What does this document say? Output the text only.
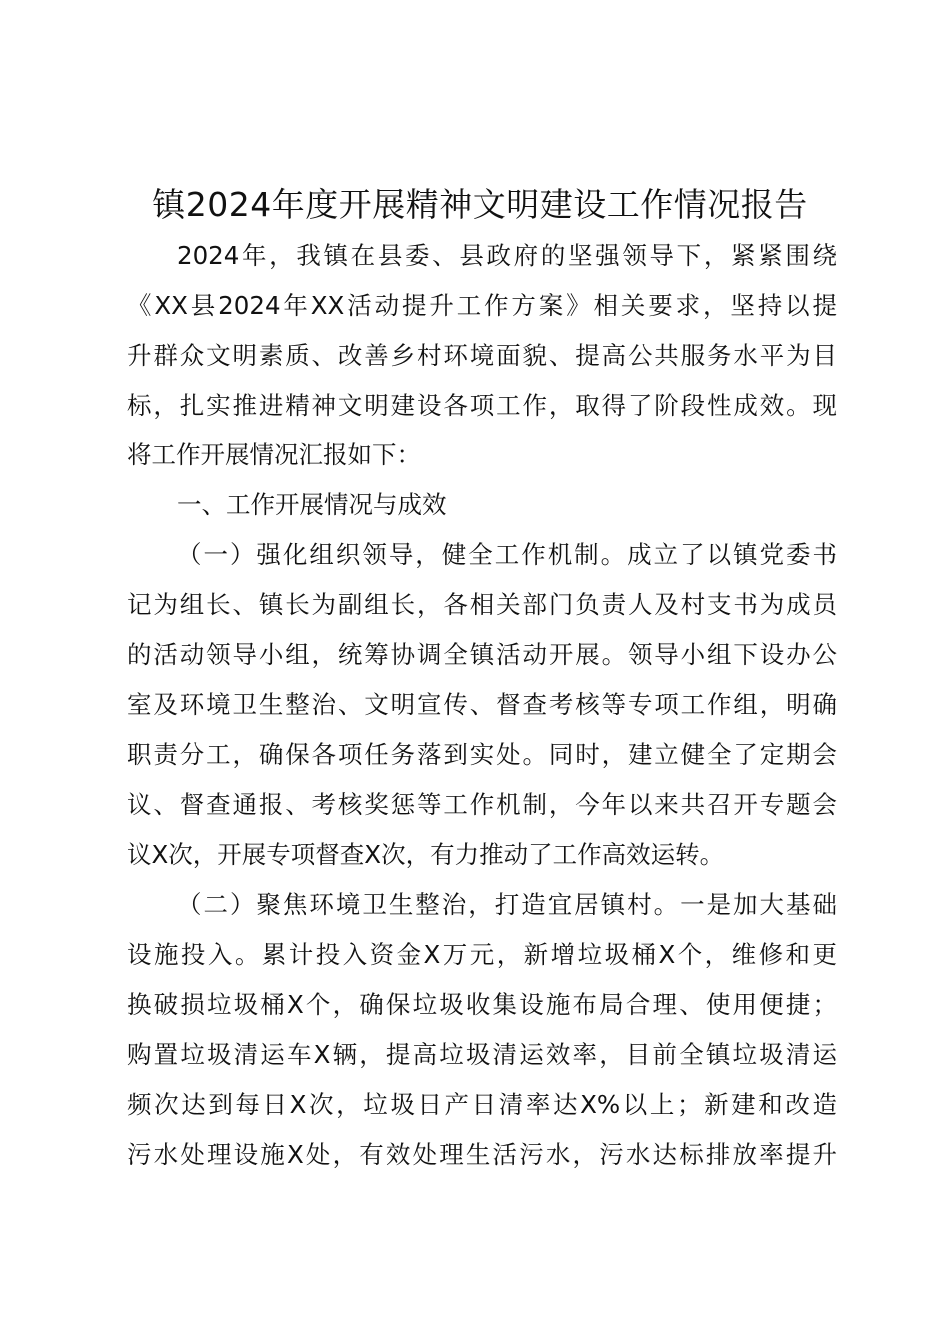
镇2024年度开展精神文明建设工作情况报告
2024年，我镇在县委、县政府的坚强领导下，紧紧围绕
《XX县2024年XX活动提升工作方案》相关要求，坚持以提
升群众文明素质、改善乡村环境面貌、提高公共服务水平为目
标，扎实推进精神文明建设各项工作，取得了阶段性成效。现
将工作开展情况汇报如下：
一、工作开展情况与成效
（一）强化组织领导，健全工作机制。成立了以镇党委书
记为组长、镇长为副组长，各相关部门负责人及村支书为成员
的活动领导小组，统筹协调全镇活动开展。领导小组下设办公
室及环境卫生整治、文明宣传、督查考核等专项工作组，明确
职责分工，确保各项任务落到实处。同时，建立健全了定期会
议、督查通报、考核奖惩等工作机制，今年以来共召开专题会
议X次，开展专项督查X次，有力推动了工作高效运转。
（二）聚焦环境卫生整治，打造宜居镇村。一是加大基础
设施投入。累计投入资金X万元，新增垃圾桶X个，维修和更
换破损垃圾桶X个，确保垃圾收集设施布局合理、使用便捷；
购置垃圾清运车X辆，提高垃圾清运效率，目前全镇垃圾清运
频次达到每日X次，垃圾日产日清率达X%以上；新建和改造
污水处理设施X处，有效处理生活污水，污水达标排放率提升
